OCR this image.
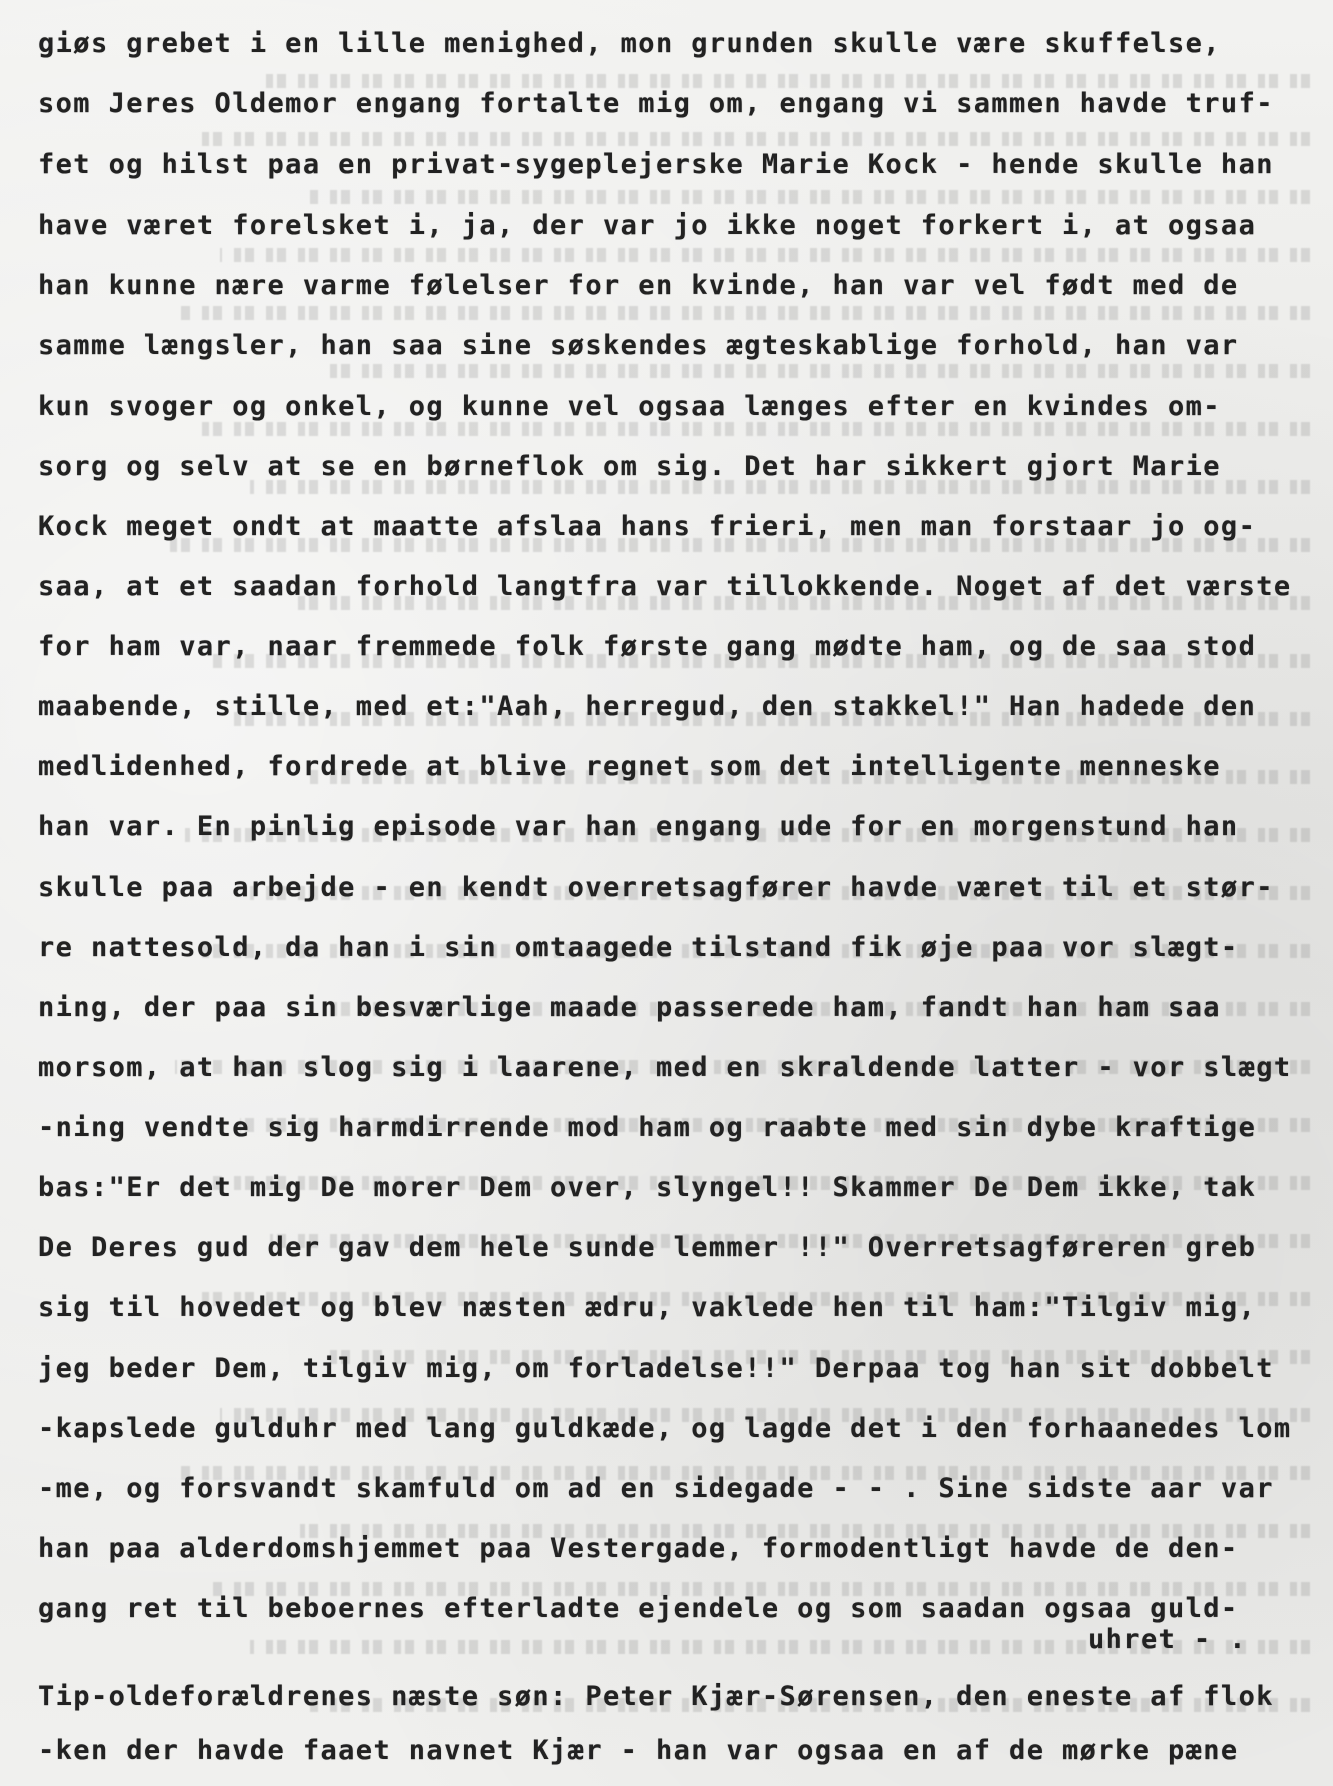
giøs grebet i en lille menighed, mon grunden skulle være skuffelse,
som Jeres Oldemor engang fortalte mig om, engang vi sammen havde truf-
fet og hilst paa en privat-sygeplejerske Marie Kock - hende skulle han
have været forelsket i, ja, der var jo ikke noget forkert i, at ogsaa
han kunne nære varme følelser for en kvinde, han var vel født med de
samme længsler, han saa sine søskendes ægteskablige forhold, han var
kun svoger og onkel, og kunne vel ogsaa længes efter en kvindes om-
sorg og selv at se en børneflok om sig. Det har sikkert gjort Marie
Kock meget ondt at maatte afslaa hans frieri, men man forstaar jo og-
saa, at et saadan forhold langtfra var tillokkende. Noget af det værste
for ham var, naar fremmede folk første gang mødte ham, og de saa stod
maabende, stille, med et:"Aah, herregud, den stakkel!" Han hadede den
medlidenhed, fordrede at blive regnet som det intelligente menneske
han var. En pinlig episode var han engang ude for en morgenstund han
skulle paa arbejde - en kendt overretsagfører havde været til et stør-
re nattesold, da han i sin omtaagede tilstand fik øje paa vor slægt-
ning, der paa sin besværlige maade passerede ham, fandt han ham saa
morsom, at han slog sig i laarene, med en skraldende latter - vor slægt
-ning vendte sig harmdirrende mod ham og raabte med sin dybe kraftige
bas:"Er det mig De morer Dem over, slyngel!! Skammer De Dem ikke, tak
De Deres gud der gav dem hele sunde lemmer !!" Overretsagføreren greb
sig til hovedet og blev næsten ædru, vaklede hen til ham:"Tilgiv mig,
jeg beder Dem, tilgiv mig, om forladelse!!" Derpaa tog han sit dobbelt
-kapslede gulduhr med lang guldkæde, og lagde det i den forhaanedes lom
-me, og forsvandt skamfuld om ad en sidegade - - . Sine sidste aar var
han paa alderdomshjemmet paa Vestergade, formodentligt havde de den-
gang ret til beboernes efterladte ejendele og som saadan ogsaa guld-
uhret - .
Tip-oldeforældrenes næste søn: Peter Kjær-Sørensen, den eneste af flok
-ken der havde faaet navnet Kjær - han var ogsaa en af de mørke pæne
